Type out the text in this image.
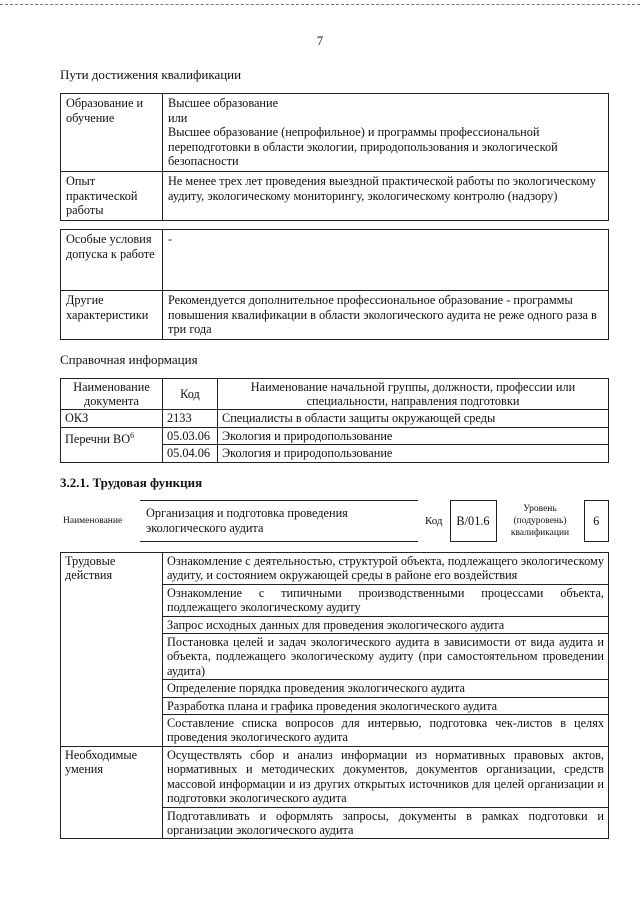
7
Пути достижения квалификации
Образование и обучение	Высшее образование
или
Высшее образование (непрофильное) и программы профессиональной переподготовки в области экологии, природопользования и экологической безопасности
Опыт практической работы	Не менее трех лет проведения выездной практической работы по экологическому аудиту, экологическому мониторингу, экологическому контролю (надзору)
Особые условия допуска к работе	-
Другие характеристики	Рекомендуется дополнительное профессиональное образование - программы повышения квалификации в области экологического аудита не реже одного раза в три года
Справочная информация
Наименование документа	Код	Наименование начальной группы, должности, профессии или специальности, направления подготовки
ОКЗ	2133	Специалисты в области защиты окружающей среды
Перечни $ВО^6$	05.03.06	Экология и природопользование
	05.04.06	Экология и природопользование
3.2.1. Трудовая функция
Наименование	Организация и подготовка проведения экологического аудита	Код	B/01.6	Уровень (подуровень) квалификации	6
Трудовые действия	Ознакомление с деятельностью, структурой объекта, подлежащего экологическому аудиту, и состоянием окружающей среды в районе его воздействия
	Ознакомление с типичными производственными процессами объекта, подлежащего экологическому аудиту
	Запрос исходных данных для проведения экологического аудита
	Постановка целей и задач экологического аудита в зависимости от вида аудита и объекта, подлежащего экологическому аудиту (при самостоятельном проведении аудита)
	Определение порядка проведения экологического аудита
	Разработка плана и графика проведения экологического аудита
	Составление списка вопросов для интервью, подготовка чек-листов в целях проведения экологического аудита
Необходимые умения	Осуществлять сбор и анализ информации из нормативных правовых актов, нормативных и методических документов, документов организации, средств массовой информации и из других открытых источников для целей организации и подготовки экологического аудита
	Подготавливать и оформлять запросы, документы в рамках подготовки и организации экологического аудита
